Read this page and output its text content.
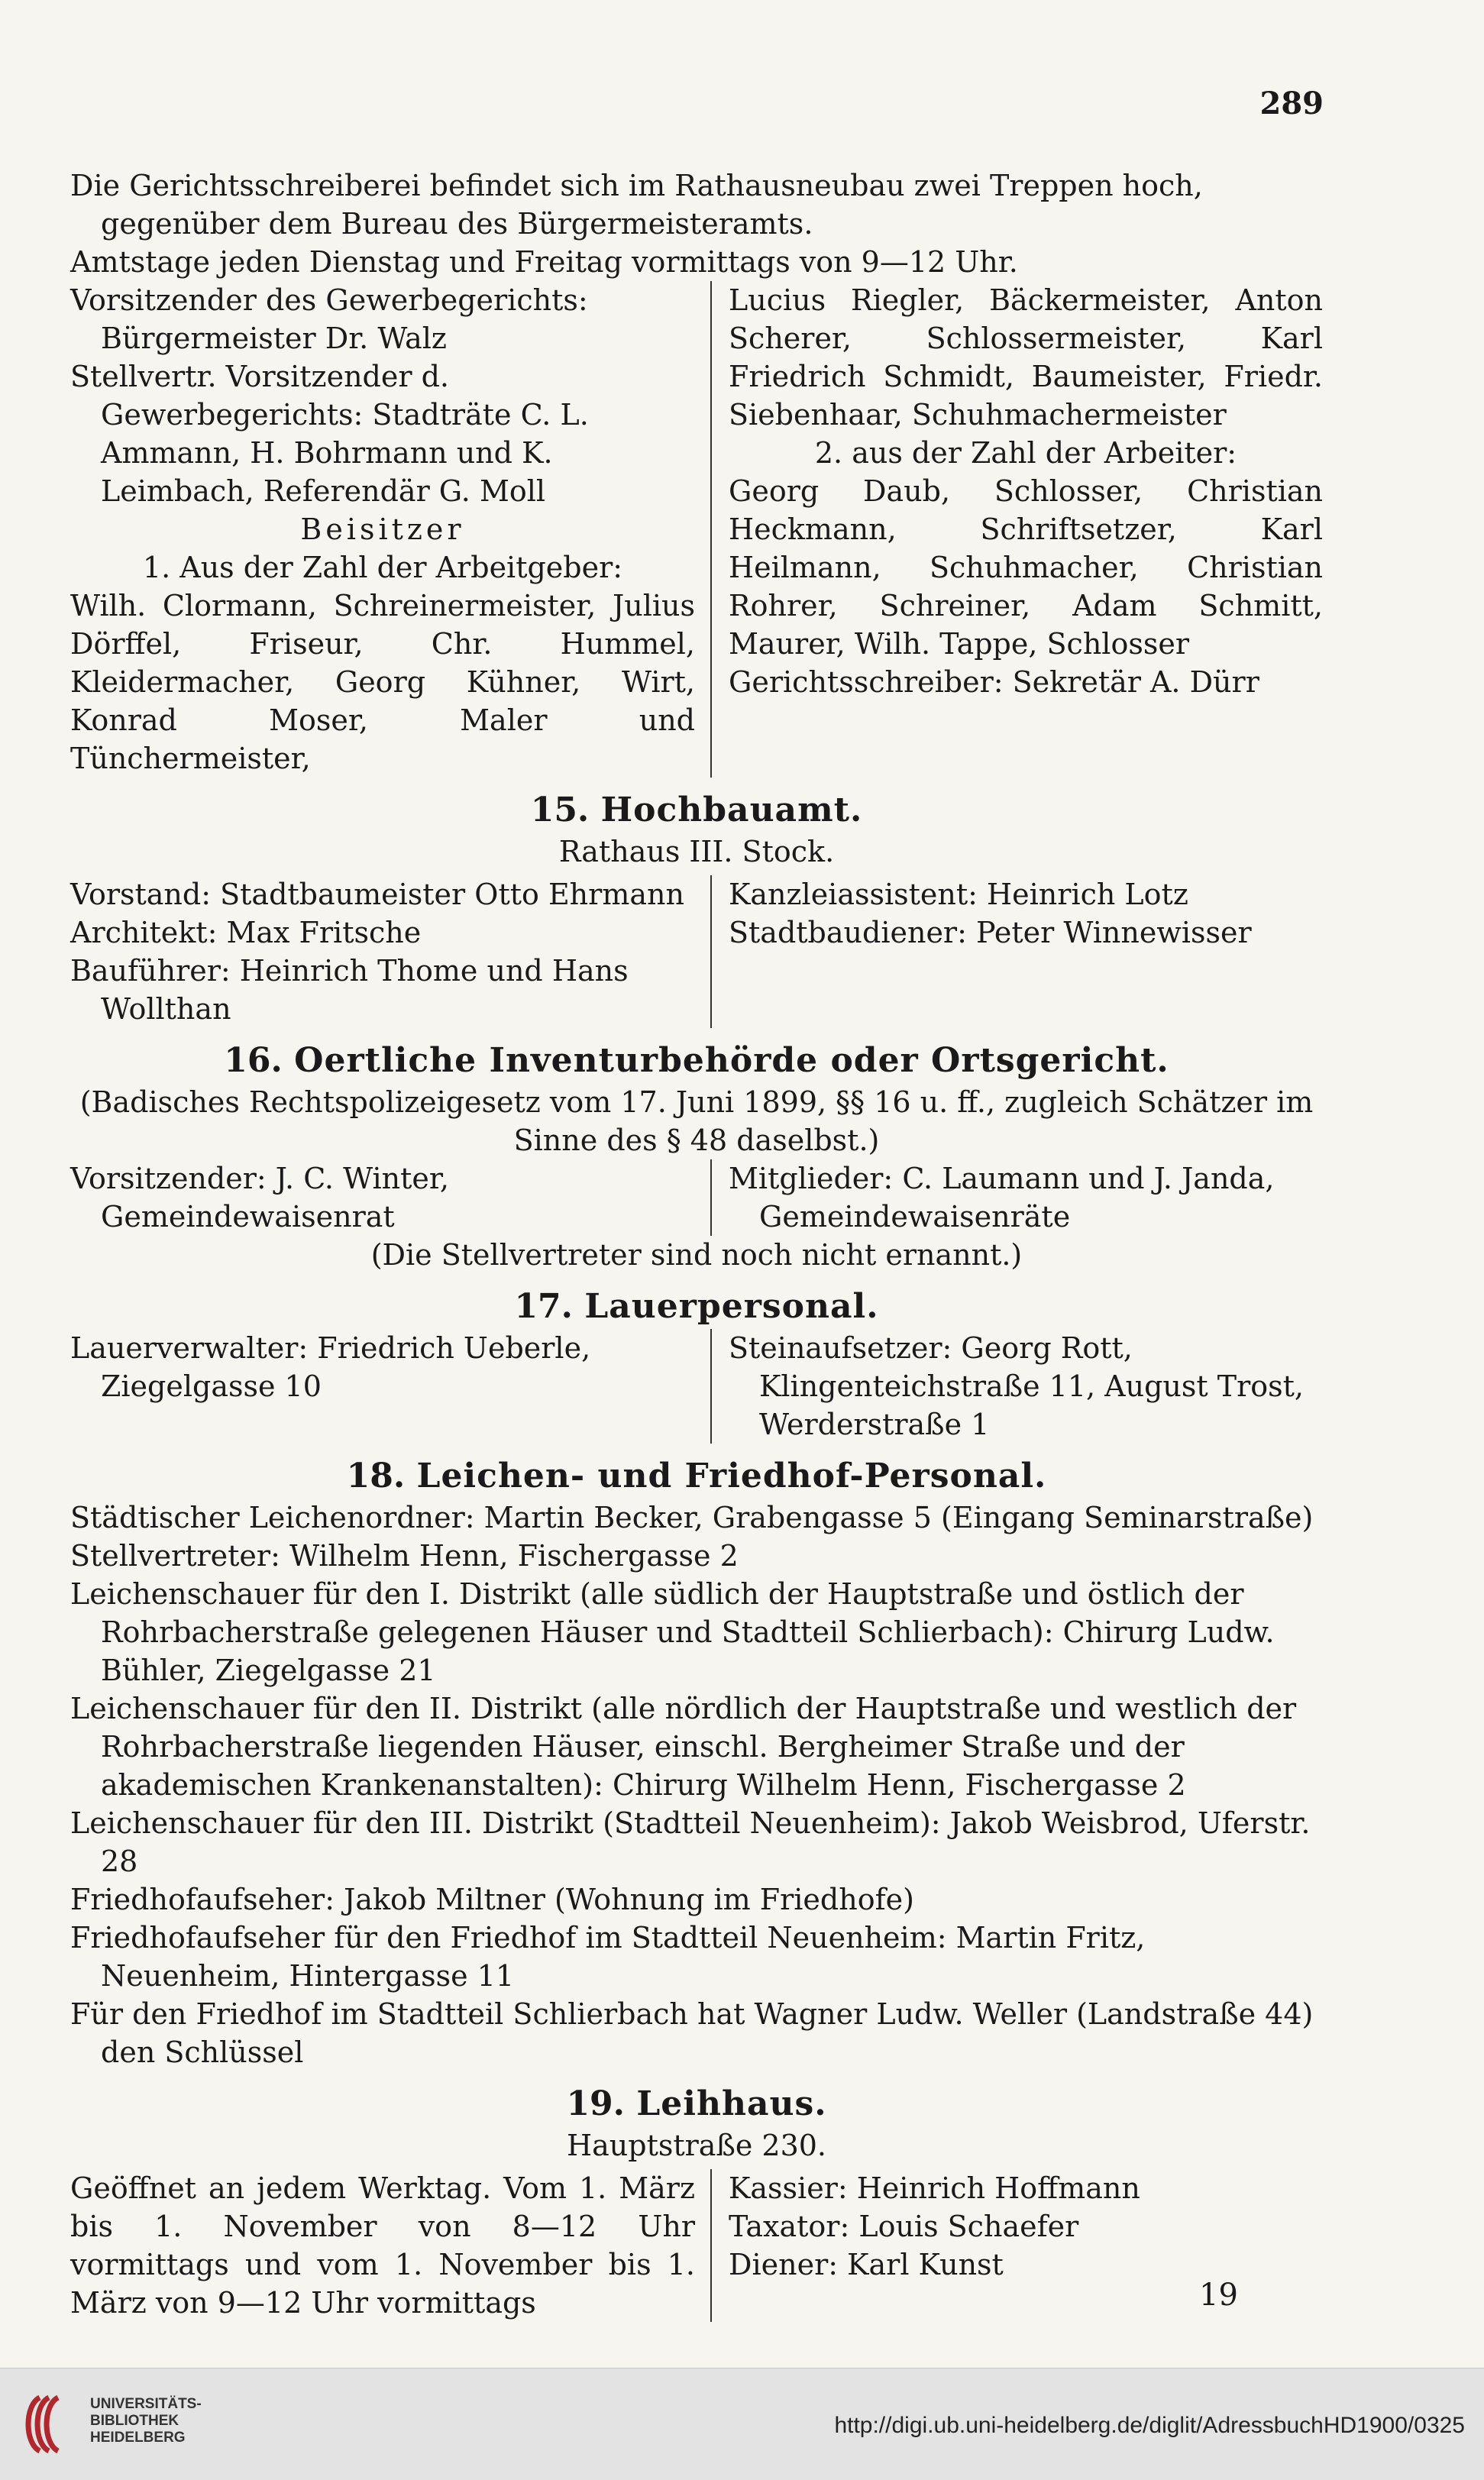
289

Die Gerichtsschreiberei befindet sich im Rathausneubau zwei Treppen hoch, gegenüber dem Bureau des Bürgermeisteramts.

Amtstage jeden Dienstag und Freitag vormittags von 9—12 Uhr.

Vorsitzender des Gewerbegerichts: Bürgermeister Dr. Walz

Stellvertr. Vorsitzender d. Gewerbegerichts: Stadträte C. L. Ammann, H. Bohrmann und K. Leimbach, Referendär G. Moll

Beisitzer

1. Aus der Zahl der Arbeitgeber:

Wilh. Clormann, Schreinermeister, Julius Dörffel, Friseur, Chr. Hummel, Kleidermacher, Georg Kühner, Wirt, Konrad Moser, Maler und Tünchermeister,

Lucius Riegler, Bäckermeister, Anton Scherer, Schlossermeister, Karl Friedrich Schmidt, Baumeister, Friedr. Siebenhaar, Schuhmachermeister

2. aus der Zahl der Arbeiter:

Georg Daub, Schlosser, Christian Heckmann, Schriftsetzer, Karl Heilmann, Schuhmacher, Christian Rohrer, Schreiner, Adam Schmitt, Maurer, Wilh. Tappe, Schlosser

Gerichtsschreiber: Sekretär A. Dürr

15. Hochbauamt.

Rathaus III. Stock.

Vorstand: Stadtbaumeister Otto Ehrmann

Architekt: Max Fritsche

Bauführer: Heinrich Thome und Hans Wollthan

Kanzleiassistent: Heinrich Lotz

Stadtbaudiener: Peter Winnewisser

16. Oertliche Inventurbehörde oder Ortsgericht.

(Badisches Rechtspolizeigesetz vom 17. Juni 1899, §§ 16 u. ff., zugleich Schätzer im Sinne des § 48 daselbst.)

Vorsitzender: J. C. Winter, Gemeindewaisenrat

Mitglieder: C. Laumann und J. Janda, Gemeindewaisenräte

(Die Stellvertreter sind noch nicht ernannt.)

17. Lauerpersonal.

Lauerverwalter: Friedrich Ueberle, Ziegelgasse 10

Steinaufsetzer: Georg Rott, Klingenteichstraße 11, August Trost, Werderstraße 1

18. Leichen- und Friedhof-Personal.

Städtischer Leichenordner: Martin Becker, Grabengasse 5 (Eingang Seminarstraße)

Stellvertreter: Wilhelm Henn, Fischergasse 2

Leichenschauer für den I. Distrikt (alle südlich der Hauptstraße und östlich der Rohrbacherstraße gelegenen Häuser und Stadtteil Schlierbach): Chirurg Ludw. Bühler, Ziegelgasse 21

Leichenschauer für den II. Distrikt (alle nördlich der Hauptstraße und westlich der Rohrbacherstraße liegenden Häuser, einschl. Bergheimer Straße und der akademischen Krankenanstalten): Chirurg Wilhelm Henn, Fischergasse 2

Leichenschauer für den III. Distrikt (Stadtteil Neuenheim): Jakob Weisbrod, Uferstr. 28

Friedhofaufseher: Jakob Miltner (Wohnung im Friedhofe)

Friedhofaufseher für den Friedhof im Stadtteil Neuenheim: Martin Fritz, Neuenheim, Hintergasse 11

Für den Friedhof im Stadtteil Schlierbach hat Wagner Ludw. Weller (Landstraße 44) den Schlüssel

19. Leihhaus.

Hauptstraße 230.

Geöffnet an jedem Werktag. Vom 1. März bis 1. November von 8—12 Uhr vormittags und vom 1. November bis 1. März von 9—12 Uhr vormittags

Kassier: Heinrich Hoffmann

Taxator: Louis Schaefer

Diener: Karl Kunst

19
UNIVERSITÄTS-
BIBLIOTHEK
HEIDELBERG	http://digi.ub.uni-heidelberg.de/diglit/AdressbuchHD1900/0325
